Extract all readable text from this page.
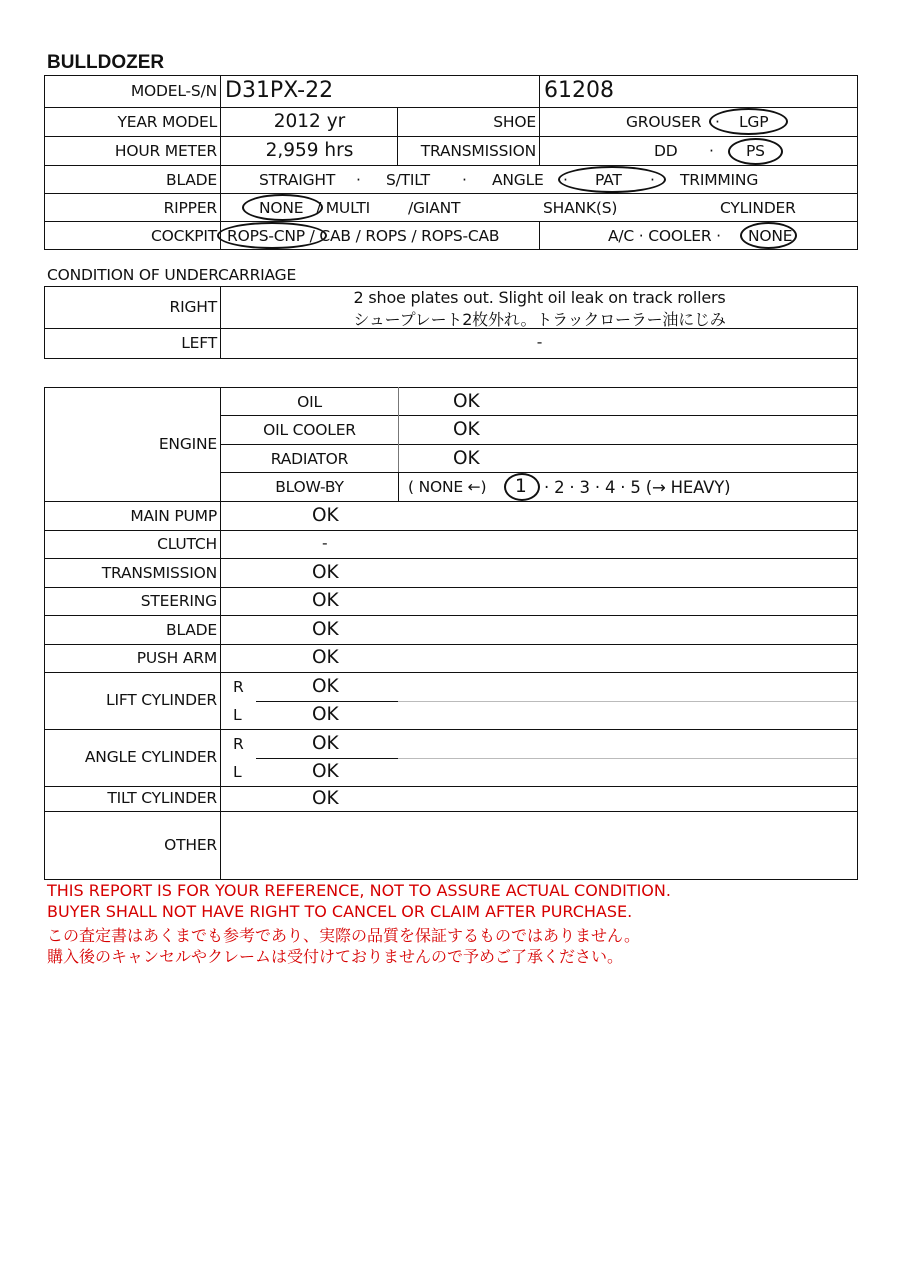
BULLDOZER
MODEL-S/N D31PX-22	61208
YEAR MODEL	2012 yr	SHOE	GROUSER · LGP
HOUR METER	2,959 hrs	TRANSMISSION	DD · PS
BLADE	STRAIGHT · S/TILT · ANGLE · PAT · TRIMMING
RIPPER	NONE / MULTI /GIANT	SHANK(S)	CYLINDER
COCKPIT ROPS-CNP / CAB / ROPS / ROPS-CAB	A/C · COOLER · NONE
CONDITION OF UNDERCARRIAGE
RIGHT	2 shoe plates out. Slight oil leak on track rollers
シュープレート2枚外れ。トラックローラー油にじみ
LEFT	-
ENGINE
OIL	OK
OIL COOLER	OK
RADIATOR	OK
BLOW-BY	( NONE ←) 1 · 2 · 3 · 4 · 5 (→ HEAVY)
MAIN PUMP	OK
CLUTCH	-
TRANSMISSION	OK
STEERING	OK
BLADE	OK
PUSH ARM	OK
LIFT CYLINDER
R	OK
L	OK
ANGLE CYLINDER
R	OK
L	OK
TILT CYLINDER	OK
OTHER
THIS REPORT IS FOR YOUR REFERENCE, NOT TO ASSURE ACTUAL CONDITION.
BUYER SHALL NOT HAVE RIGHT TO CANCEL OR CLAIM AFTER PURCHASE.
この査定書はあくまでも参考であり、実際の品質を保証するものではありません。
購入後のキャンセルやクレームは受付けておりませんので予めご了承ください。
